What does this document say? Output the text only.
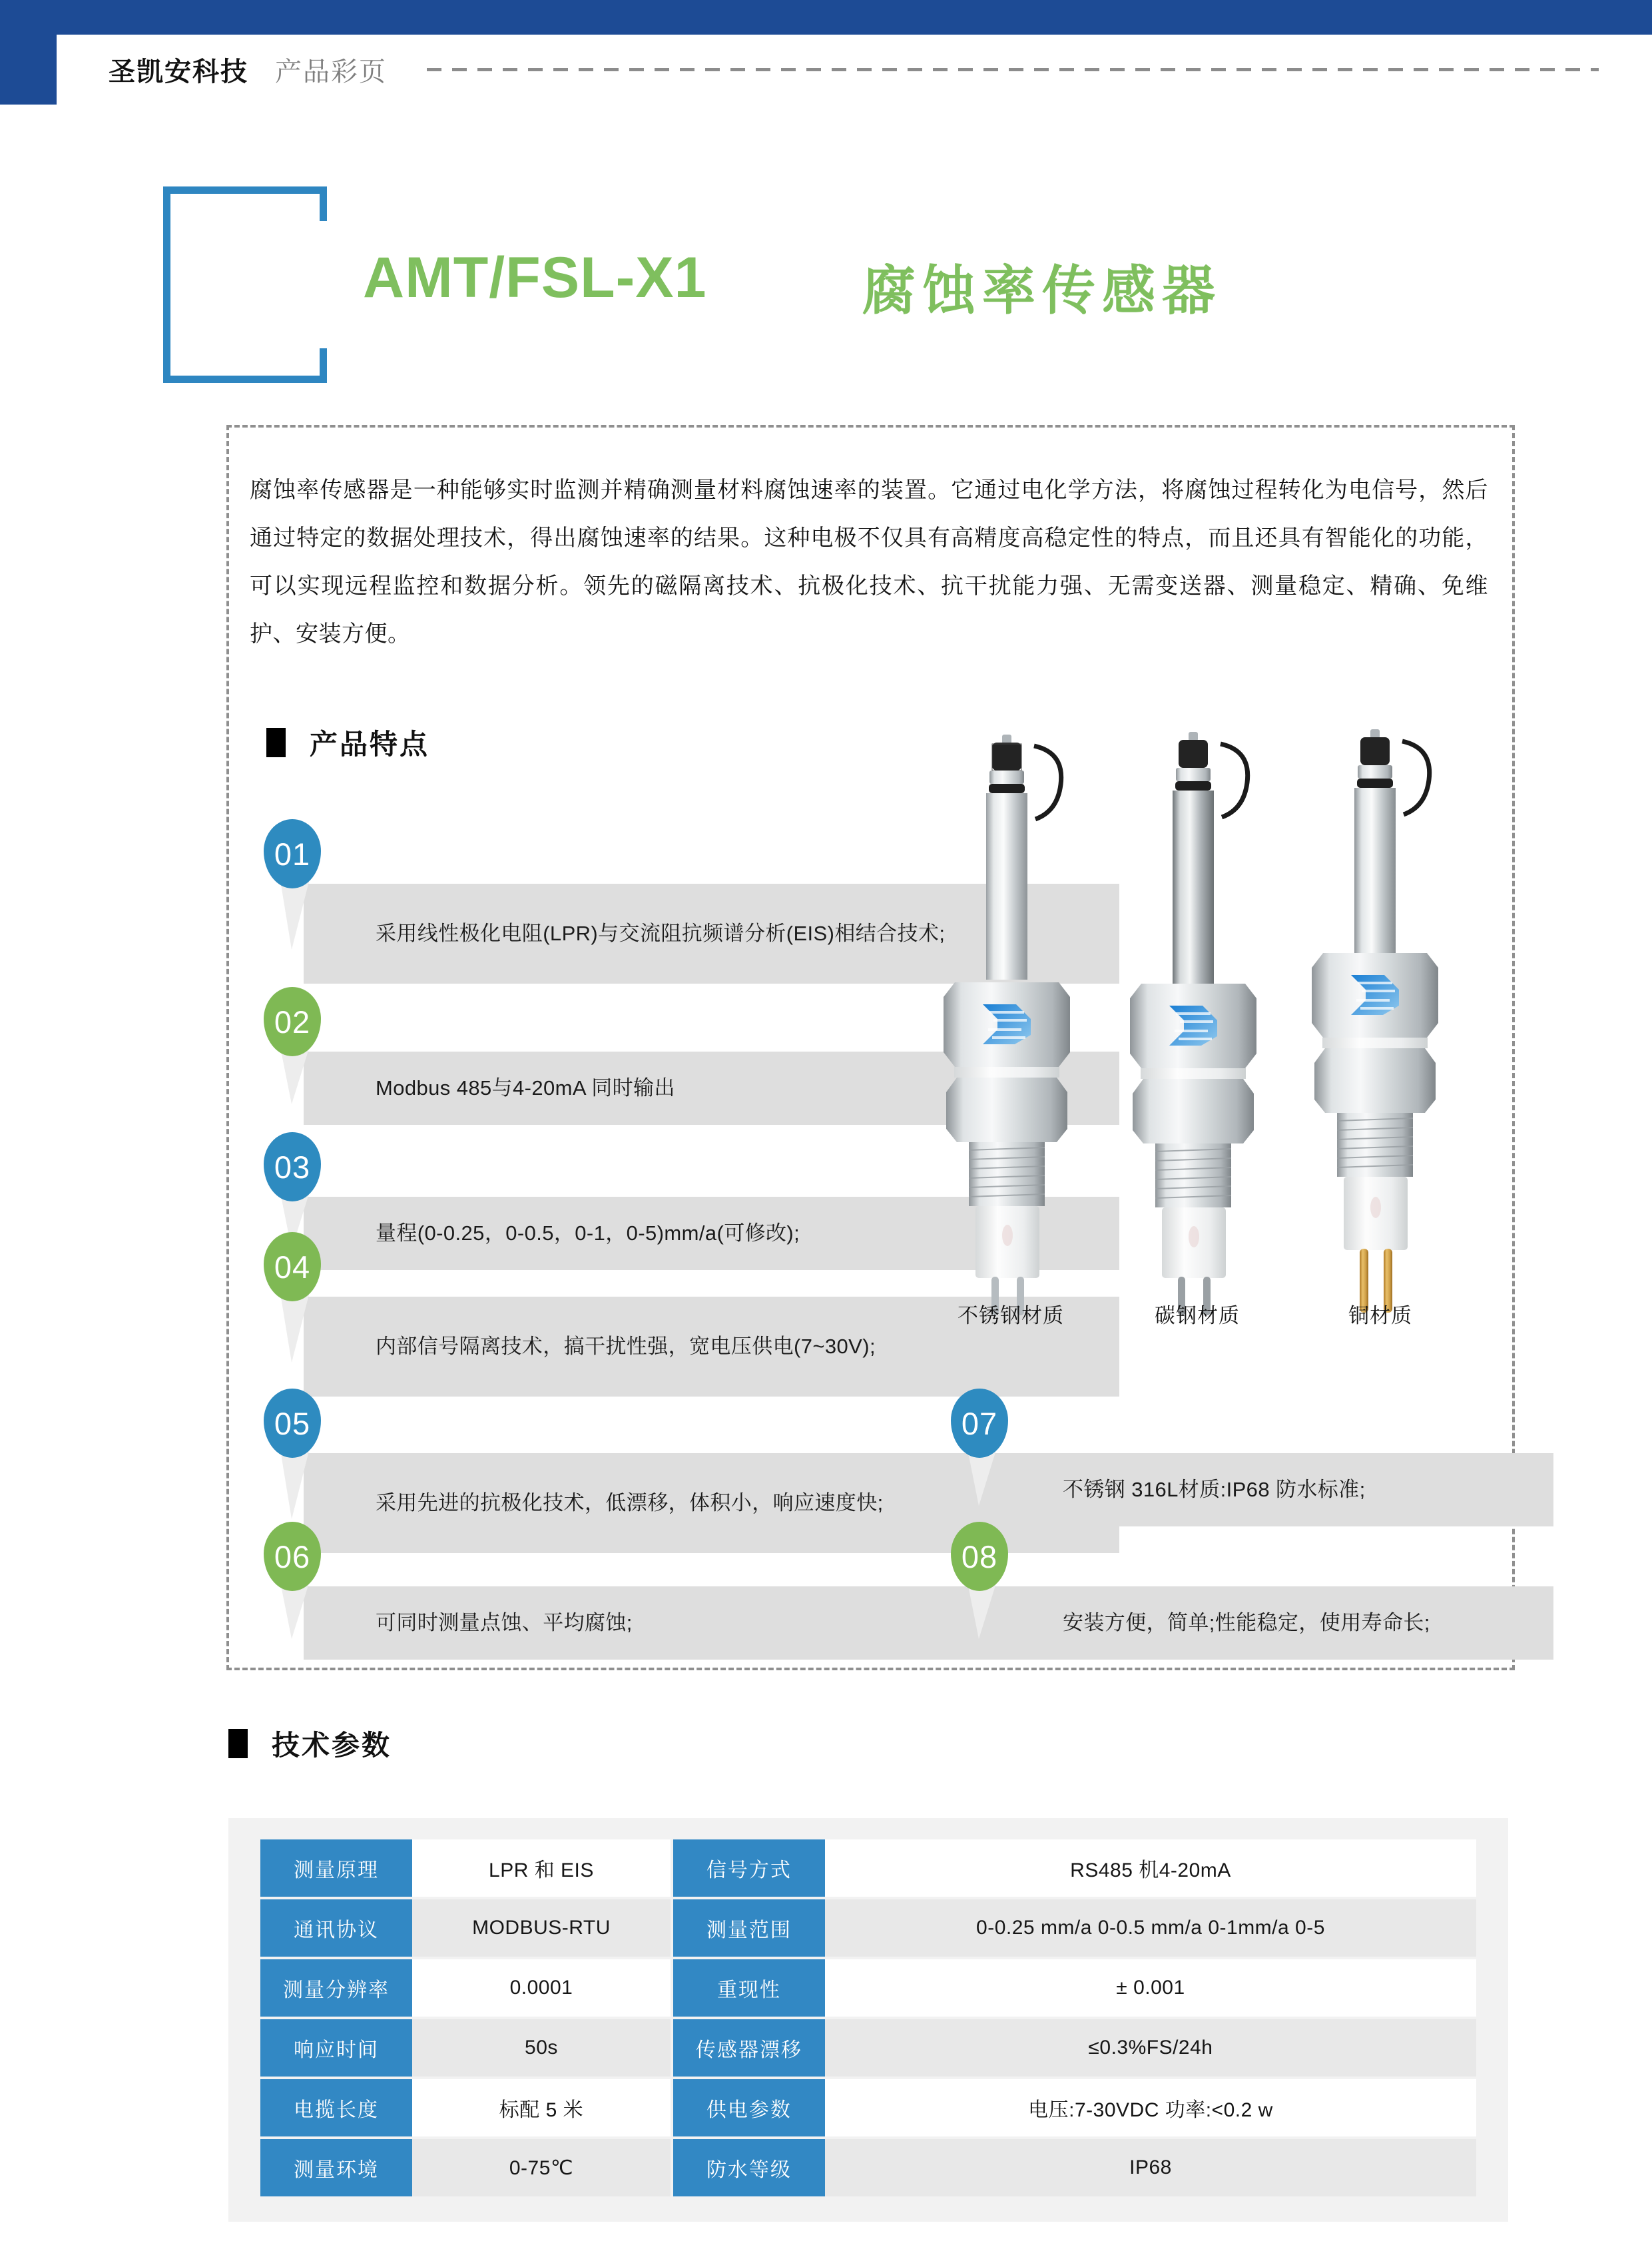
圣凯安科技 产品彩页
AMT/FSL-X1	腐蚀率传感器

腐蚀率传感器是一种能够实时监测并精确测量材料腐蚀速率的装置。它通过电化学方法，将腐蚀过程转化为电信号，然后通过特定的数据处理技术，得出腐蚀速率的结果。这种电极不仅具有高精度高稳定性的特点，而且还具有智能化的功能，可以实现远程监控和数据分析。领先的磁隔离技术、抗极化技术、抗干扰能力强、无需变送器、测量稳定、精确、免维护、安装方便。

产品特点
采用线性极化电阻(LPR)与交流阻抗频谱分析(EIS)相结合技术;
01
Modbus 485与4-20mA 同时输出
02
量程(0-0.25，0-0.5，0-1，0-5)mm/a(可修改);
03
内部信号隔离技术，搞干扰性强，宽电压供电(7~30V);
04
采用先进的抗极化技术，低漂移，体积小，响应速度快;
05
可同时测量点蚀、平均腐蚀;
06
不锈钢 316L材质:IP68 防水标准;
07
安装方便，简单;性能稳定，使用寿命长;
08
不锈钢材质	碳钢材质	铜材质
技术参数
测量原理	LPR 和 EIS		信号方式	RS485 机4-20mA
通讯协议	MODBUS-RTU		测量范围	0-0.25 mm/a 0-0.5 mm/a 0-1mm/a 0-5
测量分辨率	0.0001		重现性	± 0.001
响应时间	50s		传感器漂移	≤0.3%FS/24h
电揽长度	标配 5 米		供电参数	电压:7-30VDC 功率:<0.2 w
测量环境	0-75℃		防水等级	IP68
